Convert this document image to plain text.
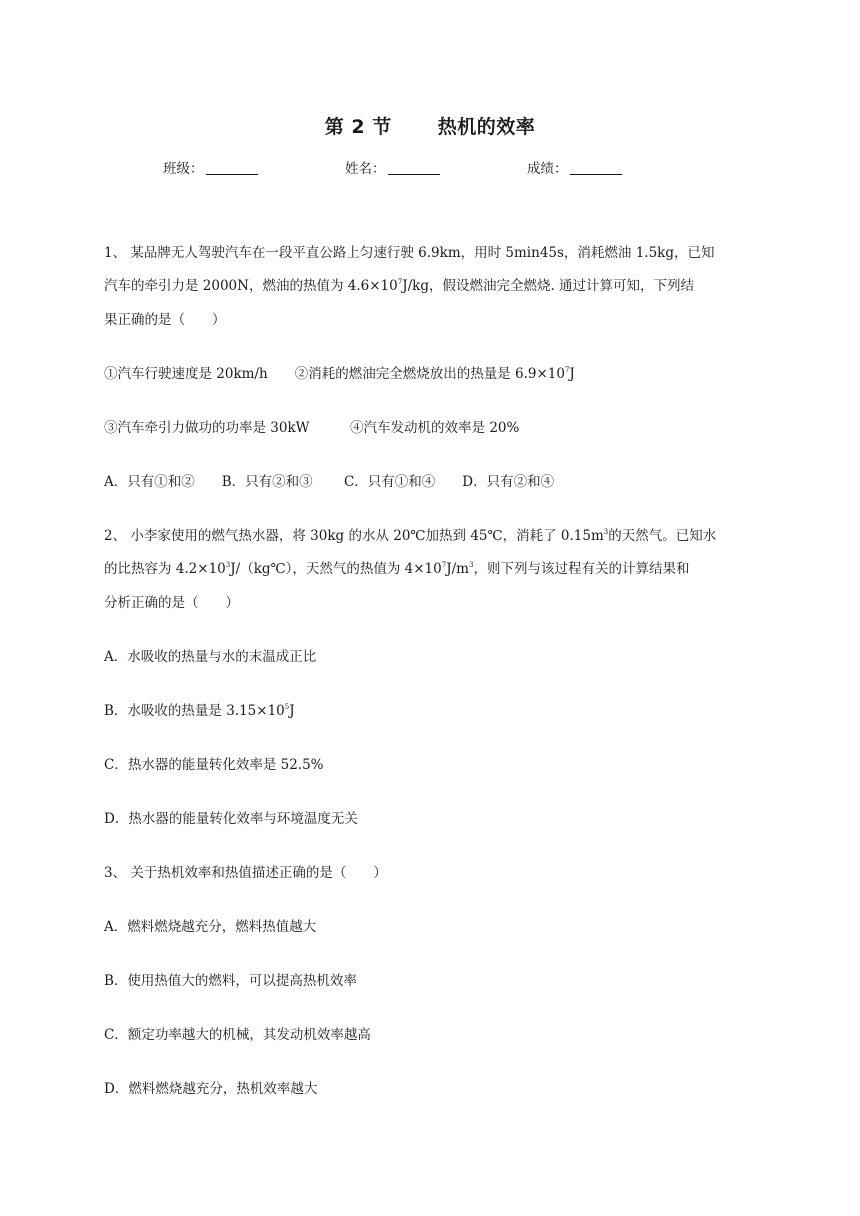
第 2 节 热机的效率
班级：	姓名：	成绩：
1、 某品牌无人驾驶汽车在一段平直公路上匀速行驶 6.9km，用时 5min45s，消耗燃油 1.5kg，已知
汽车的牵引力是 2000N，燃油的热值为 $4.6\times 10^7J/kg$，假设燃油完全燃烧. 通过计算可知，下列结
果正确的是（　　）
①汽车行驶速度是 20km/h　　②消耗的燃油完全燃烧放出的热量是 $6.9\times 10^7J$
③汽车牵引力做功的功率是 30kW　　　④汽车发动机的效率是 20%
A．只有①和②　　B．只有②和③　　 C．只有①和④　　D．只有②和④
2、 小李家使用的燃气热水器，将 30kg 的水从 20℃加热到 45℃，消耗了 $0.15m^3$的天然气。已知水
的比热容为 $4.2\times 10^3J/(kg℃)$，天然气的热值为 $4\times 10^7J/m^3$，则下列与该过程有关的计算结果和
分析正确的是（　　）
A．水吸收的热量与水的末温成正比
B．水吸收的热量是 $3.15\times 10^5J$
C．热水器的能量转化效率是 52.5%
D．热水器的能量转化效率与环境温度无关
3、 关于热机效率和热值描述正确的是（　　）
A．燃料燃烧越充分，燃料热值越大
B．使用热值大的燃料，可以提高热机效率
C．额定功率越大的机械，其发动机效率越高
D．燃料燃烧越充分，热机效率越大
